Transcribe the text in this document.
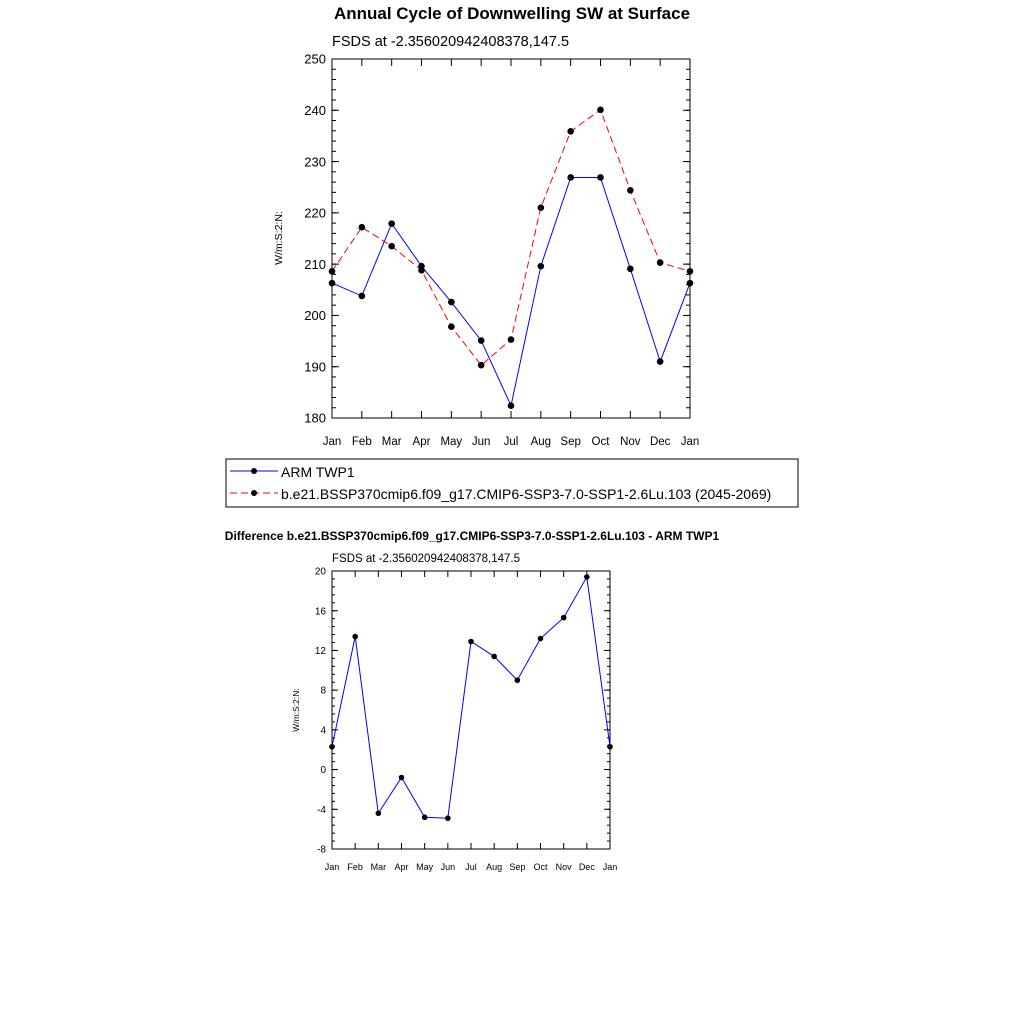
Annual Cycle of Downwelling SW at Surface
FSDS at -2.356020942408378,147.5
W/m:S:2:N:
180
190
200
210
220
230
240
250
Jan Feb Mar Apr May Jun Jul Aug Sep Oct Nov Dec Jan
ARM TWP1
b.e21.BSSP370cmip6.f09_g17.CMIP6-SSP3-7.0-SSP1-2.6Lu.103 (2045-2069)
Difference b.e21.BSSP370cmip6.f09_g17.CMIP6-SSP3-7.0-SSP1-2.6Lu.103 - ARM TWP1
FSDS at -2.356020942408378,147.5
W/m:S:2:N:
-8
-4
0
4
8
12
16
20
Jan Feb Mar Apr May Jun Jul Aug Sep Oct Nov Dec Jan
